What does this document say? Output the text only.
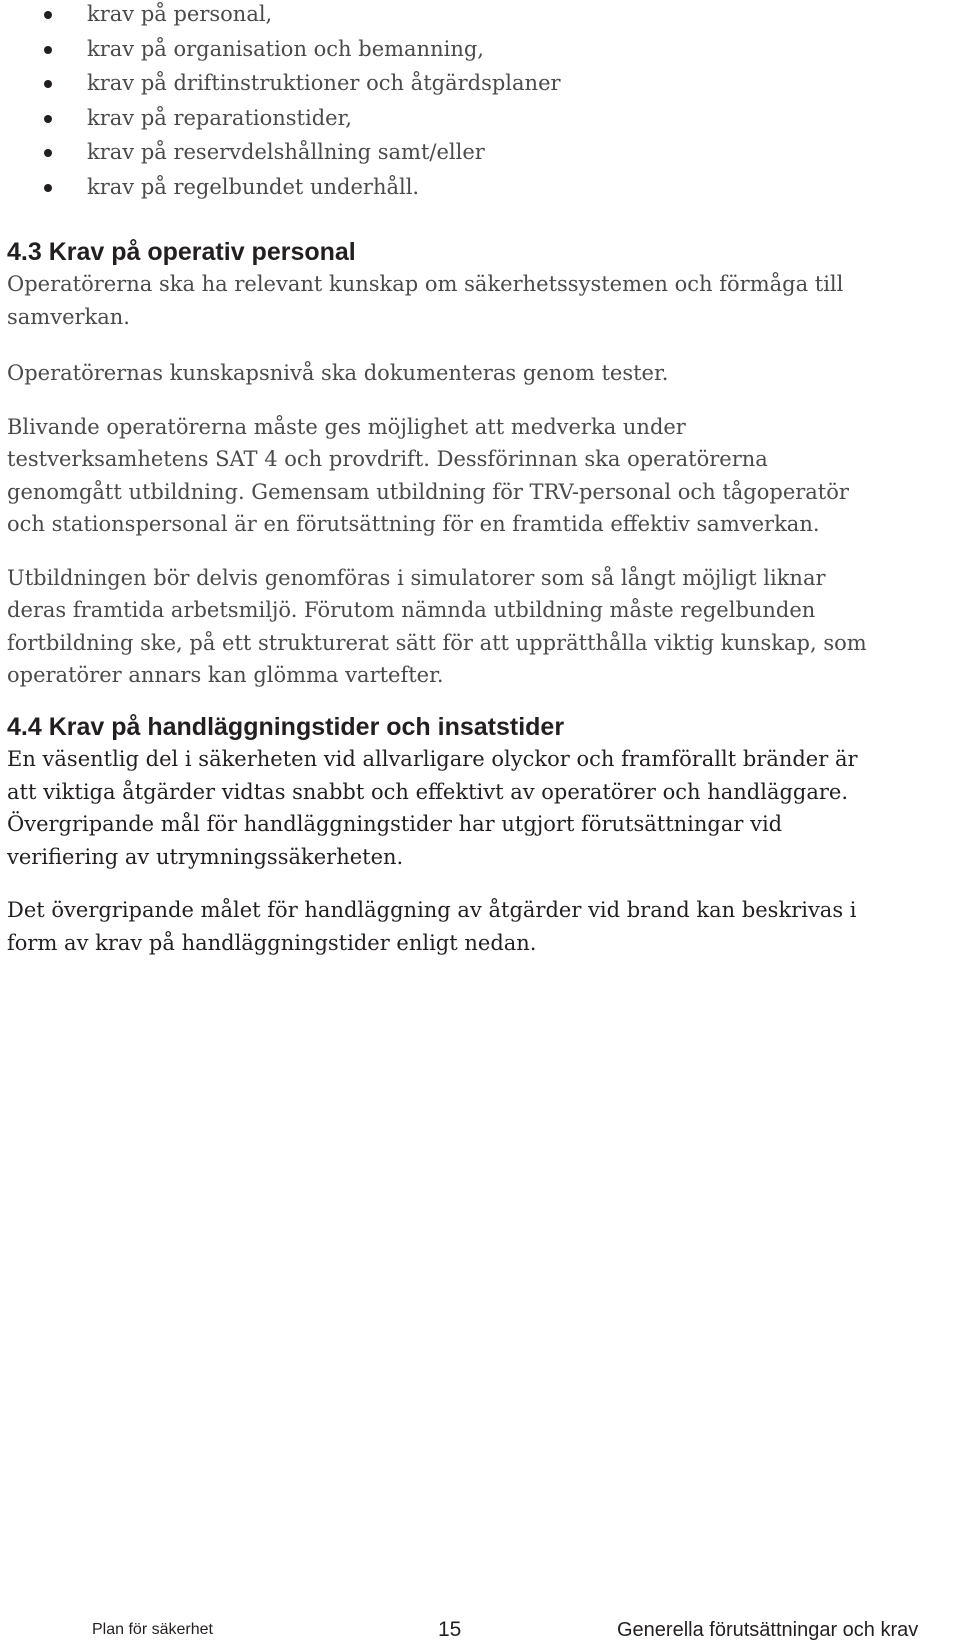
krav på personal,
krav på organisation och bemanning,
krav på driftinstruktioner och åtgärdsplaner
krav på reparationstider,
krav på reservdelshållning samt/eller
krav på regelbundet underhåll.
4.3 Krav på operativ personal

Operatörerna ska ha relevant kunskap om säkerhetssystemen och förmåga till samverkan.

Operatörernas kunskapsnivå ska dokumenteras genom tester.

Blivande operatörerna måste ges möjlighet att medverka under testverksamhetens SAT 4 och provdrift. Dessförinnan ska operatörerna genomgått utbildning. Gemensam utbildning för TRV-personal och tågoperatör och stationspersonal är en förutsättning för en framtida effektiv samverkan.

Utbildningen bör delvis genomföras i simulatorer som så långt möjligt liknar deras framtida arbetsmiljö. Förutom nämnda utbildning måste regelbunden fortbildning ske, på ett strukturerat sätt för att upprätthålla viktig kunskap, som operatörer annars kan glömma vartefter.

4.4 Krav på handläggningstider och insatstider

En väsentlig del i säkerheten vid allvarligare olyckor och framförallt bränder är att viktiga åtgärder vidtas snabbt och effektivt av operatörer och handläggare. Övergripande mål för handläggningstider har utgjort förutsättningar vid verifiering av utrymningssäkerheten.

Det övergripande målet för handläggning av åtgärder vid brand kan beskrivas i form av krav på handläggningstider enligt nedan.

Plan för säkerhet	15	Generella förutsättningar och krav
